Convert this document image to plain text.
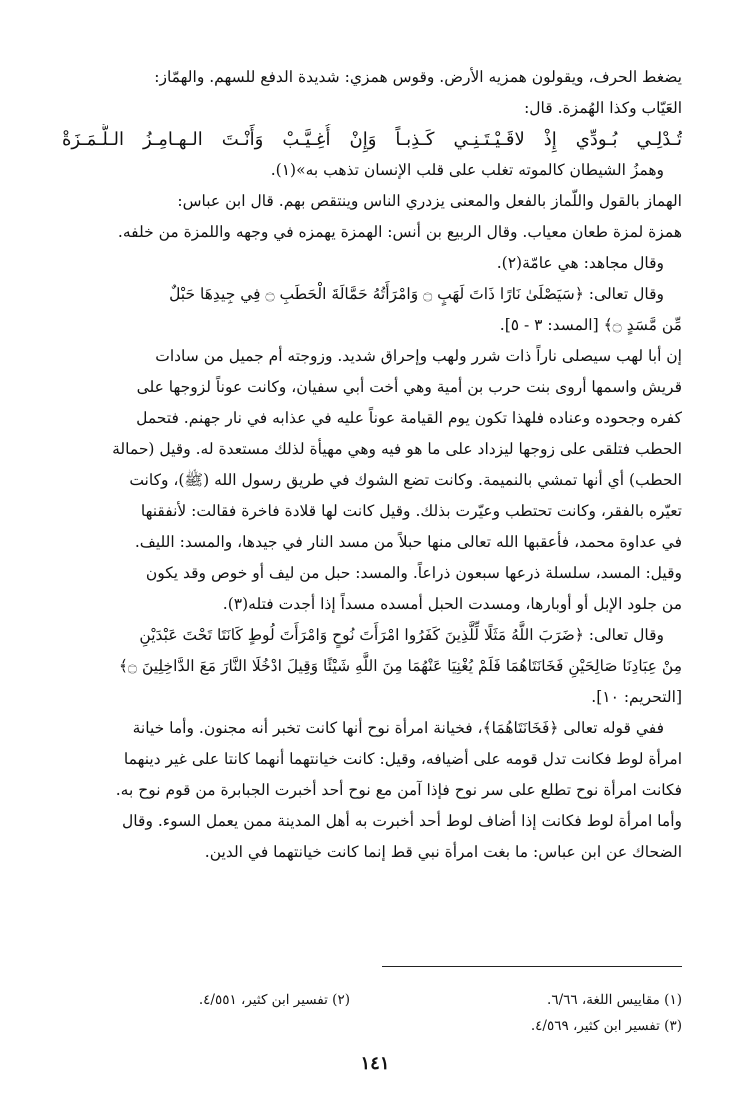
يضغط الحرف، ويقولون همزيه الأرض. وقوس همزي: شديدة الدفع للسهم. والهمّاز:
العَيّاب وكذا الهُمزة. قال:
تُـدْلِـي بُـودِّي إِذْ لاقَـيْـتَـنِـي كَـذِبـاً وَإِنْ أُغِـيَّـبْ وَأَنْـتَ الـهـامِـزُ الـلُّـمَـزَةْ
وهمزُ الشيطان كالموته تغلب على قلب الإنسان تذهب به»(١).
الهماز بالقول واللّماز بالفعل والمعنى يزدري الناس وينتقص بهم. قال ابن عباس:
همزة لمزة طعان معياب. وقال الربيع بن أنس: الهمزة يهمزه في وجهه واللمزة من خلفه.
وقال مجاهد: هي عامّة(٢).
وقال تعالى: ﴿سَيَصْلَىٰ نَارًا ذَاتَ لَهَبٍ ۝ وَامْرَأَتُهُ حَمَّالَةَ الْحَطَبِ ۝ فِي جِيدِهَا حَبْلٌ
مِّن مَّسَدٍ ۝﴾ [المسد: ٣ - ٥].
إن أبا لهب سيصلى ناراً ذات شرر ولهب وإحراق شديد. وزوجته أم جميل من سادات
قريش واسمها أروى بنت حرب بن أمية وهي أخت أبي سفيان، وكانت عوناً لزوجها على
كفره وجحوده وعناده فلهذا تكون يوم القيامة عوناً عليه في عذابه في نار جهنم. فتحمل
الحطب فتلقى على زوجها ليزداد على ما هو فيه وهي مهيأة لذلك مستعدة له. وقيل (حمالة
الحطب) أي أنها تمشي بالنميمة. وكانت تضع الشوك في طريق رسول الله (ﷺ)، وكانت
تعيّره بالفقر، وكانت تحتطب وعيّرت بذلك. وقيل كانت لها قلادة فاخرة فقالت: لأنفقنها
في عداوة محمد، فأعقبها الله تعالى منها حبلاً من مسد النار في جيدها، والمسد: الليف.
وقيل: المسد، سلسلة ذرعها سبعون ذراعاً. والمسد: حبل من ليف أو خوص وقد يكون
من جلود الإبل أو أوبارها، ومسدت الحبل أمسده مسداً إذا أجدت فتله(٣).
وقال تعالى: ﴿ضَرَبَ اللَّهُ مَثَلًا لِّلَّذِينَ كَفَرُوا امْرَأَتَ نُوحٍ وَامْرَأَتَ لُوطٍ كَانَتَا تَحْتَ عَبْدَيْنِ
مِنْ عِبَادِنَا صَالِحَيْنِ فَخَانَتَاهُمَا فَلَمْ يُغْنِيَا عَنْهُمَا مِنَ اللَّهِ شَيْئًا وَقِيلَ ادْخُلَا النَّارَ مَعَ الدَّاخِلِينَ ۝﴾
[التحريم: ١٠].
ففي قوله تعالى ﴿فَخَانَتَاهُمَا﴾، فخيانة امرأة نوح أنها كانت تخبر أنه مجنون. وأما خيانة
امرأة لوط فكانت تدل قومه على أضيافه، وقيل: كانت خيانتهما أنهما كانتا على غير دينهما
فكانت امرأة نوح تطلع على سر نوح فإذا آمن مع نوح أحد أخبرت الجبابرة من قوم نوح به.
وأما امرأة لوط فكانت إذا أضاف لوط أحد أخبرت به أهل المدينة ممن يعمل السوء. وقال
الضحاك عن ابن عباس: ما بغت امرأة نبي قط إنما كانت خيانتهما في الدين.
(١) مقاييس اللغة، ٦/٦٦.
(٢) تفسير ابن كثير، ٤/٥٥١.
(٣) تفسير ابن كثير، ٤/٥٦٩.
١٤١
